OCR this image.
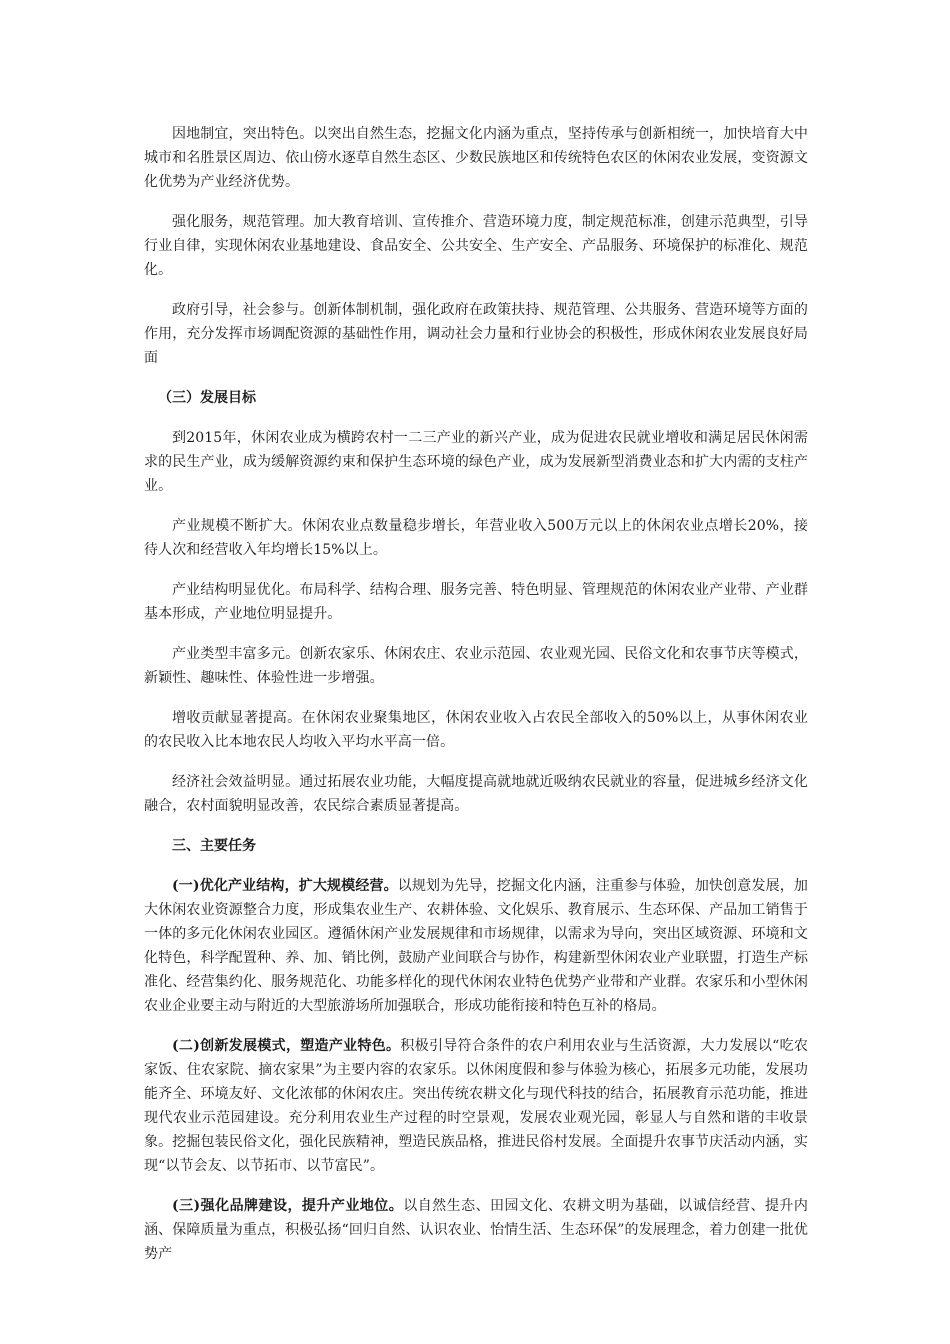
因地制宜，突出特色。以突出自然生态，挖掘文化内涵为重点，坚持传承与创新相统一，加快培育大中城市和名胜景区周边、依山傍水逐草自然生态区、少数民族地区和传统特色农区的休闲农业发展，变资源文化优势为产业经济优势。

强化服务，规范管理。加大教育培训、宣传推介、营造环境力度，制定规范标准，创建示范典型，引导行业自律，实现休闲农业基地建设、食品安全、公共安全、生产安全、产品服务、环境保护的标准化、规范化。

政府引导，社会参与。创新体制机制，强化政府在政策扶持、规范管理、公共服务、营造环境等方面的作用，充分发挥市场调配资源的基础性作用，调动社会力量和行业协会的积极性，形成休闲农业发展良好局面

（三）发展目标

到2015年，休闲农业成为横跨农村一二三产业的新兴产业，成为促进农民就业增收和满足居民休闲需求的民生产业，成为缓解资源约束和保护生态环境的绿色产业，成为发展新型消费业态和扩大内需的支柱产业。

产业规模不断扩大。休闲农业点数量稳步增长，年营业收入500万元以上的休闲农业点增长20%，接待人次和经营收入年均增长15%以上。

产业结构明显优化。布局科学、结构合理、服务完善、特色明显、管理规范的休闲农业产业带、产业群基本形成，产业地位明显提升。

产业类型丰富多元。创新农家乐、休闲农庄、农业示范园、农业观光园、民俗文化和农事节庆等模式，新颖性、趣味性、体验性进一步增强。

增收贡献显著提高。在休闲农业聚集地区，休闲农业收入占农民全部收入的50%以上，从事休闲农业的农民收入比本地农民人均收入平均水平高一倍。

经济社会效益明显。通过拓展农业功能，大幅度提高就地就近吸纳农民就业的容量，促进城乡经济文化融合，农村面貌明显改善，农民综合素质显著提高。

三、主要任务

(一)优化产业结构，扩大规模经营。以规划为先导，挖掘文化内涵，注重参与体验，加快创意发展，加大休闲农业资源整合力度，形成集农业生产、农耕体验、文化娱乐、教育展示、生态环保、产品加工销售于一体的多元化休闲农业园区。遵循休闲产业发展规律和市场规律，以需求为导向，突出区域资源、环境和文化特色，科学配置种、养、加、销比例，鼓励产业间联合与协作，构建新型休闲农业产业联盟，打造生产标准化、经营集约化、服务规范化、功能多样化的现代休闲农业特色优势产业带和产业群。农家乐和小型休闲农业企业要主动与附近的大型旅游场所加强联合，形成功能衔接和特色互补的格局。

(二)创新发展模式，塑造产业特色。积极引导符合条件的农户利用农业与生活资源，大力发展以“吃农家饭、住农家院、摘农家果”为主要内容的农家乐。以休闲度假和参与体验为核心，拓展多元功能，发展功能齐全、环境友好、文化浓郁的休闲农庄。突出传统农耕文化与现代科技的结合，拓展教育示范功能，推进现代农业示范园建设。充分利用农业生产过程的时空景观，发展农业观光园，彰显人与自然和谐的丰收景象。挖掘包装民俗文化，强化民族精神，塑造民族品格，推进民俗村发展。全面提升农事节庆活动内涵，实现“以节会友、以节拓市、以节富民”。

(三)强化品牌建设，提升产业地位。以自然生态、田园文化、农耕文明为基础，以诚信经营、提升内涵、保障质量为重点，积极弘扬“回归自然、认识农业、怡情生活、生态环保”的发展理念，着力创建一批优势产
